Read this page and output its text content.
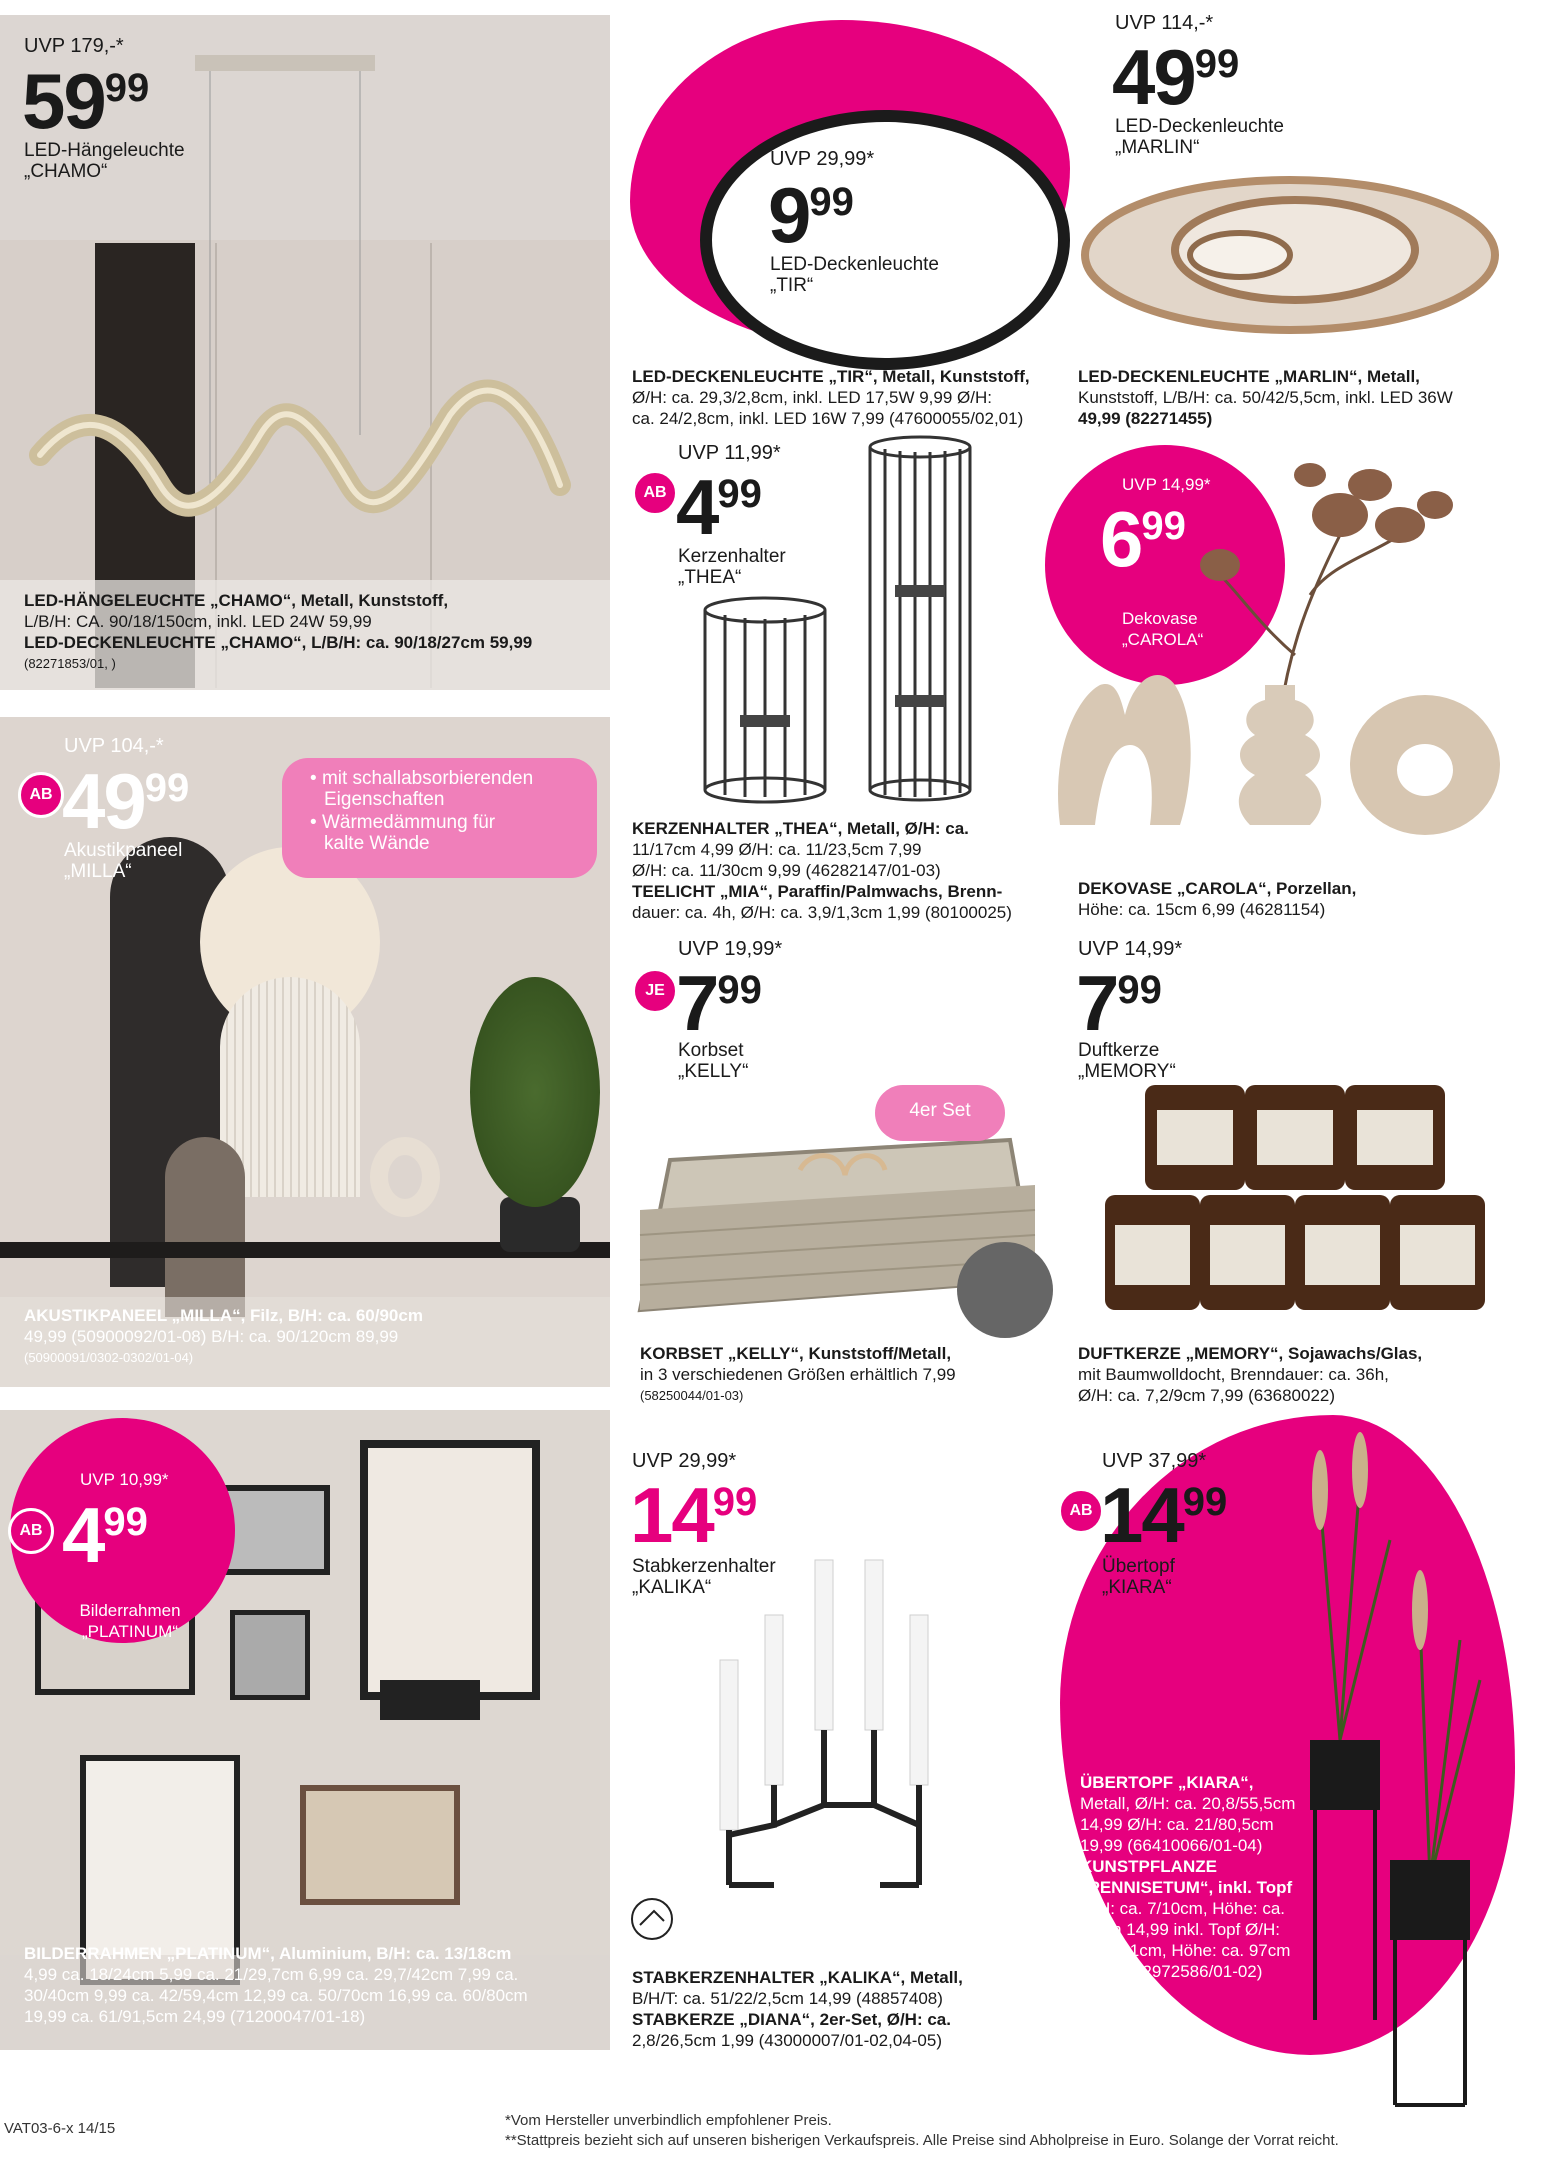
UVP 179,-*
5999
LED-Hängeleuchte
„CHAMO“
LED-HÄNGELEUCHTE „CHAMO“, Metall, Kunststoff,
L/B/H: CA. 90/18/150cm, inkl. LED 24W 59,99
LED-DECKENLEUCHTE „CHAMO“, L/B/H: ca. 90/18/27cm 59,99
(82271853/01, )
UVP 29,99*
999
LED-Deckenleuchte
„TIR“
LED-DECKENLEUCHTE „TIR“, Metall, Kunststoff,
Ø/H: ca. 29,3/2,8cm, inkl. LED 17,5W 9,99 Ø/H:
ca. 24/2,8cm, inkl. LED 16W 7,99 (47600055/02,01)
UVP 114,-*
4999
LED-Deckenleuchte
„MARLIN“
LED-DECKENLEUCHTE „MARLIN“, Metall,
Kunststoff, L/B/H: ca. 50/42/5,5cm, inkl. LED 36W
49,99 (82271455)
AB
UVP 11,99*
499
Kerzenhalter
„THEA“
KERZENHALTER „THEA“, Metall, Ø/H: ca.
11/17cm 4,99 Ø/H: ca. 11/23,5cm 7,99
Ø/H: ca. 11/30cm 9,99 (46282147/01-03)
TEELICHT „MIA“, Paraffin/Palmwachs, Brenn-
dauer: ca. 4h, Ø/H: ca. 3,9/1,3cm 1,99 (80100025)
UVP 14,99*
699
Dekovase
„CAROLA“
DEKOVASE „CAROLA“, Porzellan,
Höhe: ca. 15cm 6,99 (46281154)
AB
UVP 104,-*
4999
Akustikpaneel
„MILLA“
• mit schallabsorbierenden
Eigenschaften
• Wärmedämmung für
kalte Wände
AKUSTIKPANEEL „MILLA“, Filz, B/H: ca. 60/90cm
49,99 (50900092/01-08) B/H: ca. 90/120cm 89,99
(50900091/0302-0302/01-04)
4er Set
JE
UVP 19,99*
799
Korbset
„KELLY“
KORBSET „KELLY“, Kunststoff/Metall,
in 3 verschiedenen Größen erhältlich 7,99
(58250044/01-03)
UVP 14,99*
799
Duftkerze
„MEMORY“
DUFTKERZE „MEMORY“, Sojawachs/Glas,
mit Baumwolldocht, Brenndauer: ca. 36h,
Ø/H: ca. 7,2/9cm 7,99 (63680022)
AB
UVP 10,99*
499
Bilderrahmen
„PLATINUM“
BILDERRAHMEN „PLATINUM“, Aluminium, B/H: ca. 13/18cm
4,99 ca. 18/24cm 5,99 ca. 21/29,7cm 6,99 ca. 29,7/42cm 7,99 ca.
30/40cm 9,99 ca. 42/59,4cm 12,99 ca. 50/70cm 16,99 ca. 60/80cm
19,99 ca. 61/91,5cm 24,99 (71200047/01-18)
UVP 29,99*
1499
Stabkerzenhalter
„KALIKA“
STABKERZENHALTER „KALIKA“, Metall,
B/H/T: ca. 51/22/2,5cm 14,99 (48857408)
STABKERZE „DIANA“, 2er-Set, Ø/H: ca.
2,8/26,5cm 1,99 (43000007/01-02,04-05)
AB
UVP 37,99*
1499
Übertopf
„KIARA“
ÜBERTOPF „KIARA“,
Metall, Ø/H: ca. 20,8/55,5cm
14,99 Ø/H: ca. 21/80,5cm
19,99 (66410066/01-04)
KUNSTPFLANZE
„PENNISETUM“, inkl. Topf
Ø/H: ca. 7/10cm, Höhe: ca.
71cm 14,99 inkl. Topf Ø/H:
ca. 9/11cm, Höhe: ca. 97cm
19,99 (42972586/01-02)
VAT03-6-x 14/15	*Vom Hersteller unverbindlich empfohlener Preis.
**Stattpreis bezieht sich auf unseren bisherigen Verkaufspreis. Alle Preise sind Abholpreise in Euro. Solange der Vorrat reicht.
